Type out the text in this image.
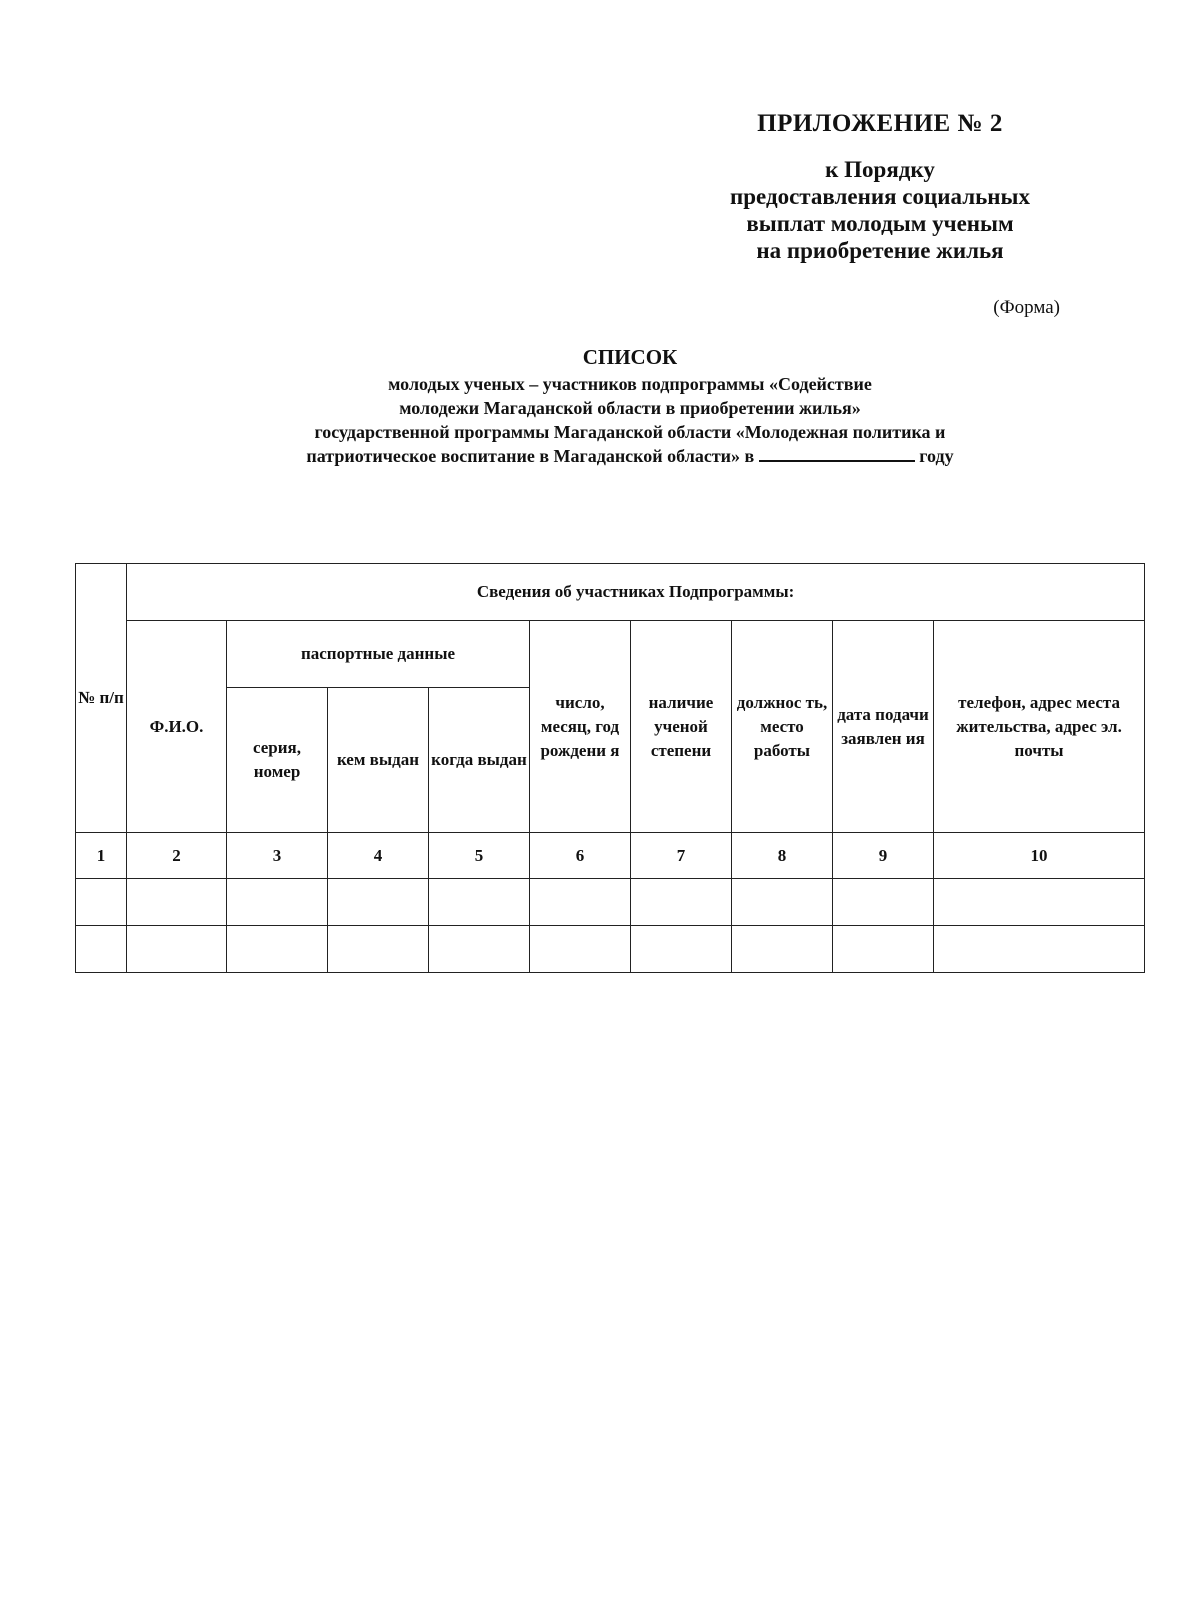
ПРИЛОЖЕНИЕ № 2

к Порядку
предоставления социальных
выплат молодым ученым
на приобретение жилья
(Форма)
СПИСОК
молодых ученых – участников подпрограммы «Содействие
молодежи Магаданской области в приобретении жилья»
государственной программы Магаданской области «Молодежная политика и
патриотическое воспитание в Магаданской области» в	году
№ п/п	Сведения об участниках Подпрограммы:								
	Ф.И.О.	паспортные данные			число, месяц, год рождени я	наличие ученой степени	должнос ть, место работы	дата подачи заявлен ия	телефон, адрес места жительства, адрес эл. почты
		серия, номер	кем выдан	когда выдан					
1	2	3	4	5	6	7	8	9	10
